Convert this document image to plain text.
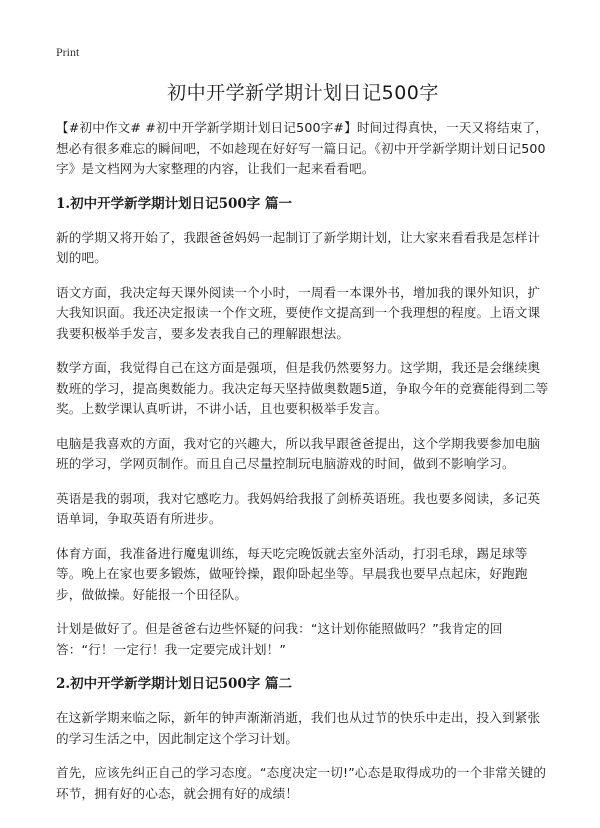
Print
初中开学新学期计划日记500字

【#初中作文# #初中开学新学期计划日记500字#】时间过得真快，一天又将结束了，想必有很多难忘的瞬间吧，不如趁现在好好写一篇日记。《初中开学新学期计划日记500字》是文档网为大家整理的内容，让我们一起来看看吧。

1.初中开学新学期计划日记500字 篇一

新的学期又将开始了，我跟爸爸妈妈一起制订了新学期计划，让大家来看看我是怎样计划的吧。

语文方面，我决定每天课外阅读一个小时，一周看一本课外书，增加我的课外知识，扩大我知识面。我还决定报读一个作文班，要使作文提高到一个我理想的程度。上语文课我要积极举手发言，要多发表我自己的理解跟想法。

数学方面，我觉得自己在这方面是强项，但是我仍然要努力。这学期，我还是会继续奥数班的学习，提高奥数能力。我决定每天坚持做奥数题5道，争取今年的竞赛能得到二等奖。上数学课认真听讲，不讲小话，且也要积极举手发言。

电脑是我喜欢的方面，我对它的兴趣大，所以我早跟爸爸提出，这个学期我要参加电脑班的学习，学网页制作。而且自己尽量控制玩电脑游戏的时间，做到不影响学习。

英语是我的弱项，我对它感吃力。我妈妈给我报了剑桥英语班。我也要多阅读，多记英语单词，争取英语有所进步。

体育方面，我准备进行魔鬼训练，每天吃完晚饭就去室外活动，打羽毛球，踢足球等等。晚上在家也要多锻炼，做哑铃操，跟仰卧起坐等。早晨我也要早点起床，好跑跑步，做做操。好能报一个田径队。

计划是做好了。但是爸爸右边些怀疑的问我：“这计划你能照做吗？”我肯定的回答：“行！一定行！我一定要完成计划！”

2.初中开学新学期计划日记500字 篇二

在这新学期来临之际，新年的钟声渐渐消逝，我们也从过节的快乐中走出，投入到紧张的学习生活之中，因此制定这个学习计划。

首先，应该先纠正自己的学习态度。“态度决定一切!”心态是取得成功的一个非常关键的环节，拥有好的心态，就会拥有好的成绩！
